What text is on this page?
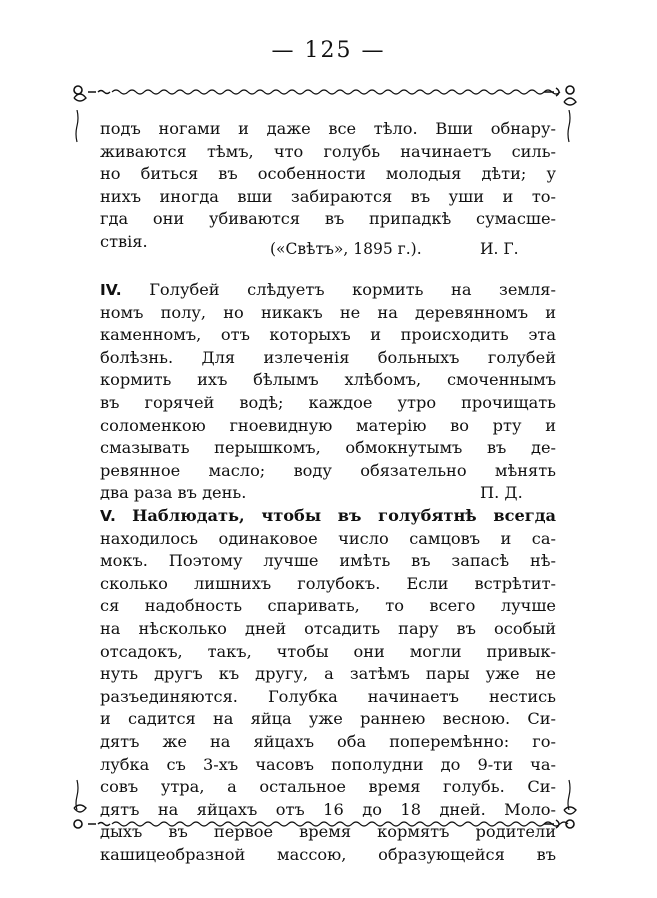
— 125 —
подъ ногами и даже все тѣло. Вши обнару-
живаются тѣмъ, что голубь начинаетъ силь-
но биться въ особенности молодыя дѣти; у
нихъ иногда вши забираются въ уши и то-
гда они убиваются въ припадкѣ сумасше-
ствія.	(«Свѣтъ», 1895 г.).	И. Г.
IV. Голубей слѣдуетъ кормить на земля-
номъ полу, но никакъ не на деревянномъ и
каменномъ, отъ которыхъ и происходить эта
болѣзнь. Для излеченія больныхъ голубей
кормить ихъ бѣлымъ хлѣбомъ, смоченнымъ
въ горячей водѣ; каждое утро прочищать
соломенкою гноевидную матерію во рту и
смазывать перышкомъ, обмокнутымъ въ де-
ревянное масло; воду обязательно мѣнять
два раза въ день.	П. Д.
V. Наблюдать, чтобы въ голубятнѣ всегда
находилось одинаковое число самцовъ и са-
мокъ. Поэтому лучше имѣть въ запасѣ нѣ-
сколько лишнихъ голубокъ. Если встрѣтит-
ся надобность спаривать, то всего лучше
на нѣсколько дней отсадить пару въ особый
отсадокъ, такъ, чтобы они могли привык-
нуть другъ къ другу, а затѣмъ пары уже не
разъединяются. Голубка начинаетъ нестись
и садится на яйца уже раннею весною. Си-
дятъ же на яйцахъ оба поперемѣнно: го-
лубка съ 3-хъ часовъ пополудни до 9-ти ча-
совъ утра, а остальное время голубь. Си-
дятъ на яйцахъ отъ 16 до 18 дней. Моло-
дыхъ въ первое время кормятъ родители
кашицеобразной массою, образующейся въ
